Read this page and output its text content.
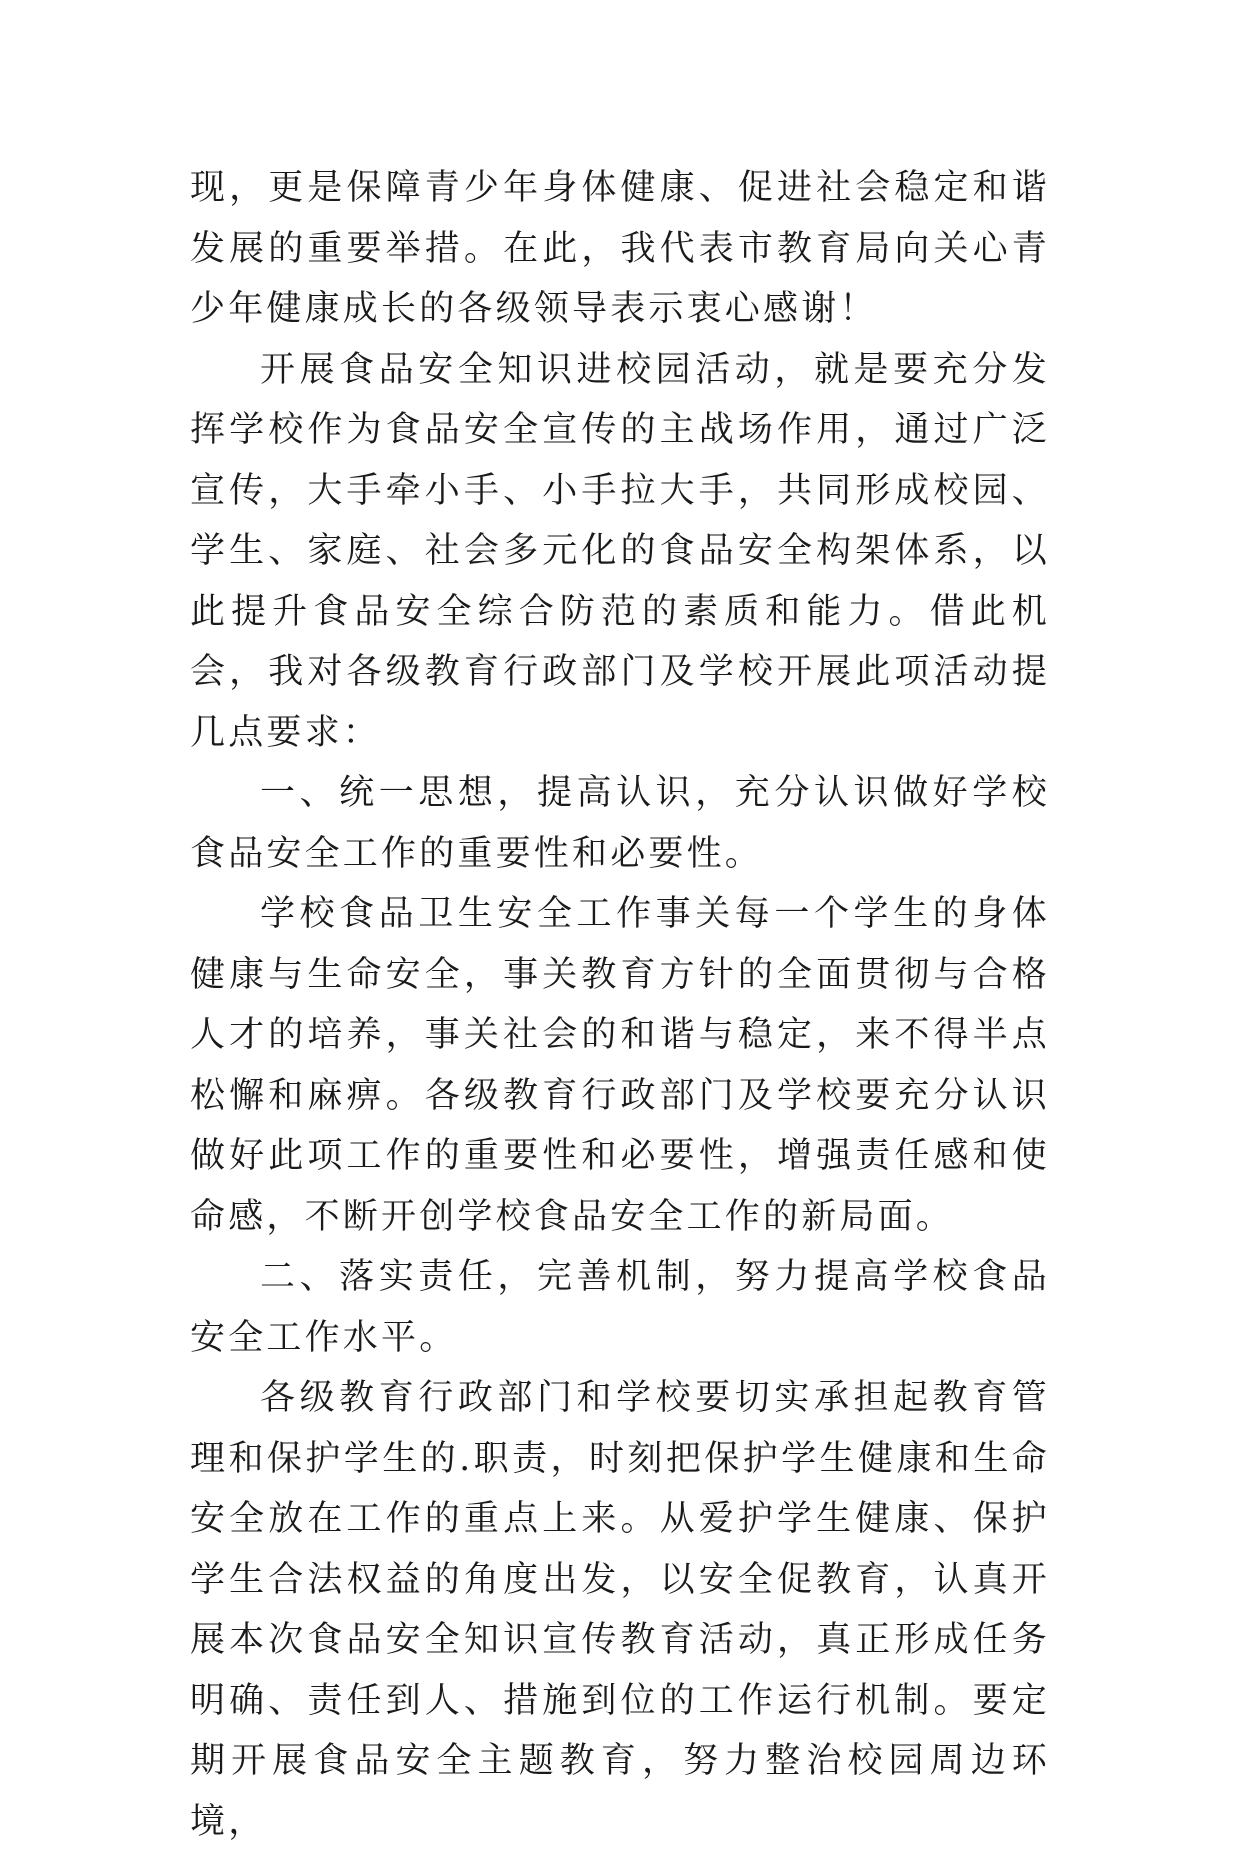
现，更是保障青少年身体健康、促进社会稳定和谐发展的重要举措。在此，我代表市教育局向关心青少年健康成长的各级领导表示衷心感谢！

开展食品安全知识进校园活动，就是要充分发挥学校作为食品安全宣传的主战场作用，通过广泛宣传，大手牵小手、小手拉大手，共同形成校园、学生、家庭、社会多元化的食品安全构架体系，以此提升食品安全综合防范的素质和能力。借此机会，我对各级教育行政部门及学校开展此项活动提几点要求：

一、统一思想，提高认识，充分认识做好学校食品安全工作的重要性和必要性。

学校食品卫生安全工作事关每一个学生的身体健康与生命安全，事关教育方针的全面贯彻与合格人才的培养，事关社会的和谐与稳定，来不得半点松懈和麻痹。各级教育行政部门及学校要充分认识做好此项工作的重要性和必要性，增强责任感和使命感，不断开创学校食品安全工作的新局面。

二、落实责任，完善机制，努力提高学校食品安全工作水平。

各级教育行政部门和学校要切实承担起教育管理和保护学生的.职责，时刻把保护学生健康和生命安全放在工作的重点上来。从爱护学生健康、保护学生合法权益的角度出发，以安全促教育，认真开展本次食品安全知识宣传教育活动，真正形成任务明确、责任到人、措施到位的工作运行机制。要定期开展食品安全主题教育，努力整治校园周边环境，
